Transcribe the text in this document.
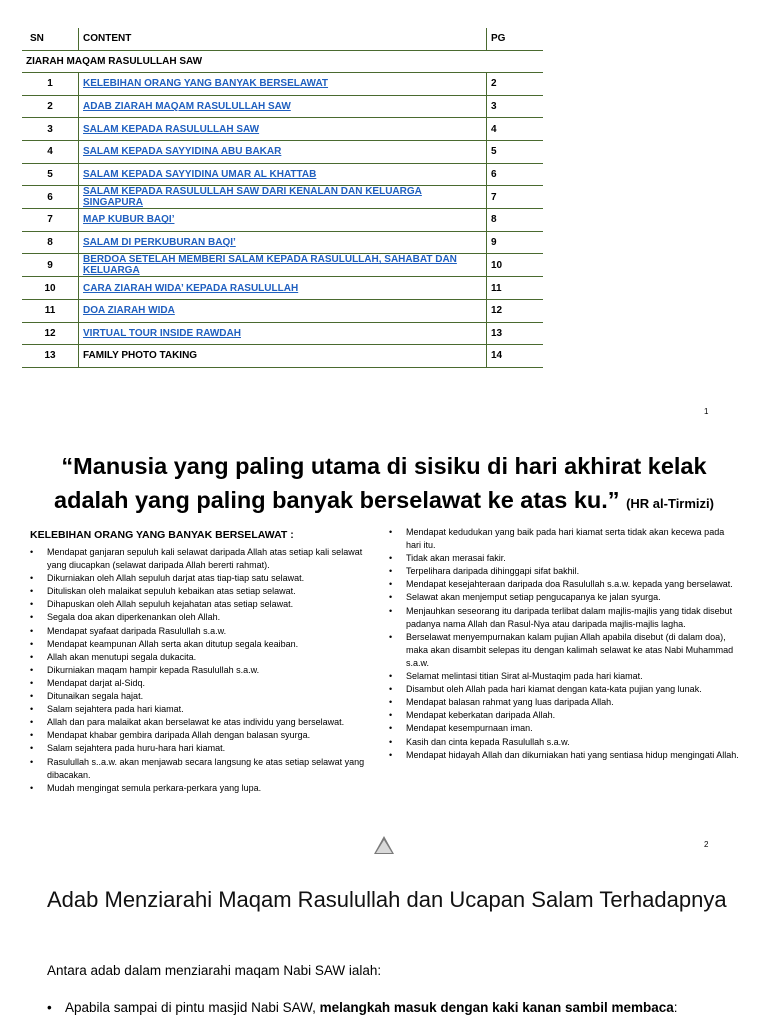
SN	CONTENT	PG
ZIARAH MAQAM RASULULLAH SAW		
1	KELEBIHAN ORANG YANG BANYAK BERSELAWAT	2
2	ADAB ZIARAH MAQAM RASULULLAH SAW	3
3	SALAM KEPADA RASULULLAH SAW	4
4	SALAM KEPADA SAYYIDINA ABU BAKAR	5
5	SALAM KEPADA SAYYIDINA UMAR AL KHATTAB	6
6	SALAM KEPADA RASULULLAH SAW DARI KENALAN DAN KELUARGA SINGAPURA	7
7	MAP KUBUR BAQI’	8
8	SALAM DI PERKUBURAN BAQI’	9
9	BERDOA SETELAH MEMBERI SALAM KEPADA RASULULLAH, SAHABAT DAN KELUARGA	10
10	CARA ZIARAH WIDA’ KEPADA RASULULLAH	11
11	DOA ZIARAH WIDA	12
12	VIRTUAL TOUR INSIDE RAWDAH	13
13	FAMILY PHOTO TAKING	14
1
“Manusia yang paling utama di sisiku di hari akhirat kelak adalah yang paling banyak berselawat ke atas ku.” (HR al-Tirmizi)
KELEBIHAN ORANG YANG BANYAK BERSELAWAT :
• Mendapat ganjaran sepuluh kali selawat daripada Allah atas setiap kali selawat yang diucapkan (selawat daripada Allah bererti rahmat).
• Dikurniakan oleh Allah sepuluh darjat atas tiap-tiap satu selawat.
• Dituliskan oleh malaikat sepuluh kebaikan atas setiap selawat.
• Dihapuskan oleh Allah sepuluh kejahatan atas setiap selawat.
• Segala doa akan diperkenankan oleh Allah.
• Mendapat syafaat daripada Rasulullah s.a.w.
• Mendapat keampunan Allah serta akan ditutup segala keaiban.
• Allah akan menutupi segala dukacita.
• Dikurniakan maqam hampir kepada Rasulullah s.a.w.
• Mendapat darjat al-Sidq.
• Ditunaikan segala hajat.
• Salam sejahtera pada hari kiamat.
• Allah dan para malaikat akan berselawat ke atas individu yang berselawat.
• Mendapat khabar gembira daripada Allah dengan balasan syurga.
• Salam sejahtera pada huru-hara hari kiamat.
• Rasulullah s..a.w. akan menjawab secara langsung ke atas setiap selawat yang dibacakan.
• Mudah mengingat semula perkara-perkara yang lupa.
• Mendapat kedudukan yang baik pada hari kiamat serta tidak akan kecewa pada hari itu.
• Tidak akan merasai fakir.
• Terpelihara daripada dihinggapi sifat bakhil.
• Mendapat kesejahteraan daripada doa Rasulullah s.a.w. kepada yang berselawat.
• Selawat akan menjemput setiap pengucapanya ke jalan syurga.
• Menjauhkan seseorang itu daripada terlibat dalam majlis-majlis yang tidak disebut padanya nama Allah dan Rasul-Nya atau daripada majlis-majlis lagha.
• Berselawat menyempurnakan kalam pujian Allah apabila disebut (di dalam doa), maka akan disambit selepas itu dengan kalimah selawat ke atas Nabi Muhammad s.a.w.
• Selamat melintasi titian Sirat al-Mustaqim pada hari kiamat.
• Disambut oleh Allah pada hari kiamat dengan kata-kata pujian yang lunak.
• Mendapat balasan rahmat yang luas daripada Allah.
• Mendapat keberkatan daripada Allah.
• Mendapat kesempurnaan iman.
• Kasih dan cinta kepada Rasulullah s.a.w.
• Mendapat hidayah Allah dan dikurniakan hati yang sentiasa hidup mengingati Allah.
2
Adab Menziarahi Maqam Rasulullah dan Ucapan Salam Terhadapnya
Antara adab dalam menziarahi maqam Nabi SAW ialah:
• Apabila sampai di pintu masjid Nabi SAW, melangkah masuk dengan kaki kanan sambil membaca:
